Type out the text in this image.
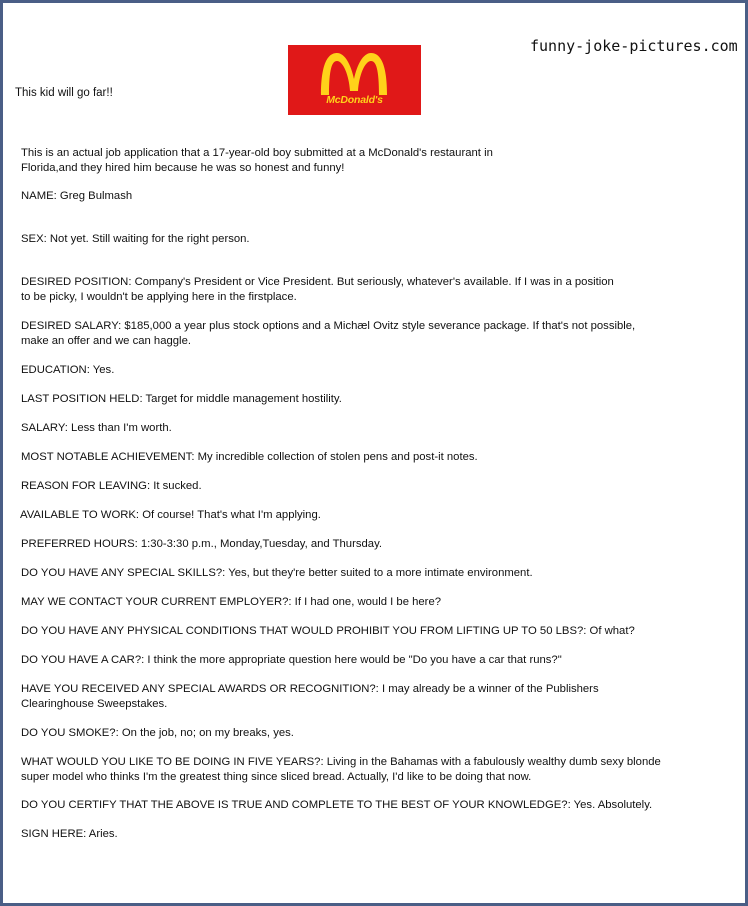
funny-joke-pictures.com
McDonald's
This kid will go far!!

This is an actual job application that a 17-year-old boy submitted at a McDonald's restaurant in Florida,and they hired him because he was so honest and funny!

NAME: Greg Bulmash

SEX: Not yet. Still waiting for the right person.

DESIRED POSITION: Company's President or Vice President. But seriously, whatever's available. If I was in a position to be picky, I wouldn't be applying here in the firstplace.

DESIRED SALARY: $185,000 a year plus stock options and a Michæl Ovitz style severance package. If that's not possible, make an offer and we can haggle.

EDUCATION: Yes.

LAST POSITION HELD: Target for middle management hostility.

SALARY: Less than I'm worth.

MOST NOTABLE ACHIEVEMENT: My incredible collection of stolen pens and post-it notes.

REASON FOR LEAVING: It sucked.

AVAILABLE TO WORK: Of course! That's what I'm applying.

PREFERRED HOURS: 1:30-3:30 p.m., Monday,Tuesday, and Thursday.

DO YOU HAVE ANY SPECIAL SKILLS?: Yes, but they're better suited to a more intimate environment.

MAY WE CONTACT YOUR CURRENT EMPLOYER?: If I had one, would I be here?

DO YOU HAVE ANY PHYSICAL CONDITIONS THAT WOULD PROHIBIT YOU FROM LIFTING UP TO 50 LBS?: Of what?

DO YOU HAVE A CAR?: I think the more appropriate question here would be "Do you have a car that runs?"

HAVE YOU RECEIVED ANY SPECIAL AWARDS OR RECOGNITION?: I may already be a winner of the Publishers Clearinghouse Sweepstakes.

DO YOU SMOKE?: On the job, no; on my breaks, yes.

WHAT WOULD YOU LIKE TO BE DOING IN FIVE YEARS?: Living in the Bahamas with a fabulously wealthy dumb sexy blonde super model who thinks I'm the greatest thing since sliced bread. Actually, I'd like to be doing that now.

DO YOU CERTIFY THAT THE ABOVE IS TRUE AND COMPLETE TO THE BEST OF YOUR KNOWLEDGE?: Yes. Absolutely.

SIGN HERE: Aries.
